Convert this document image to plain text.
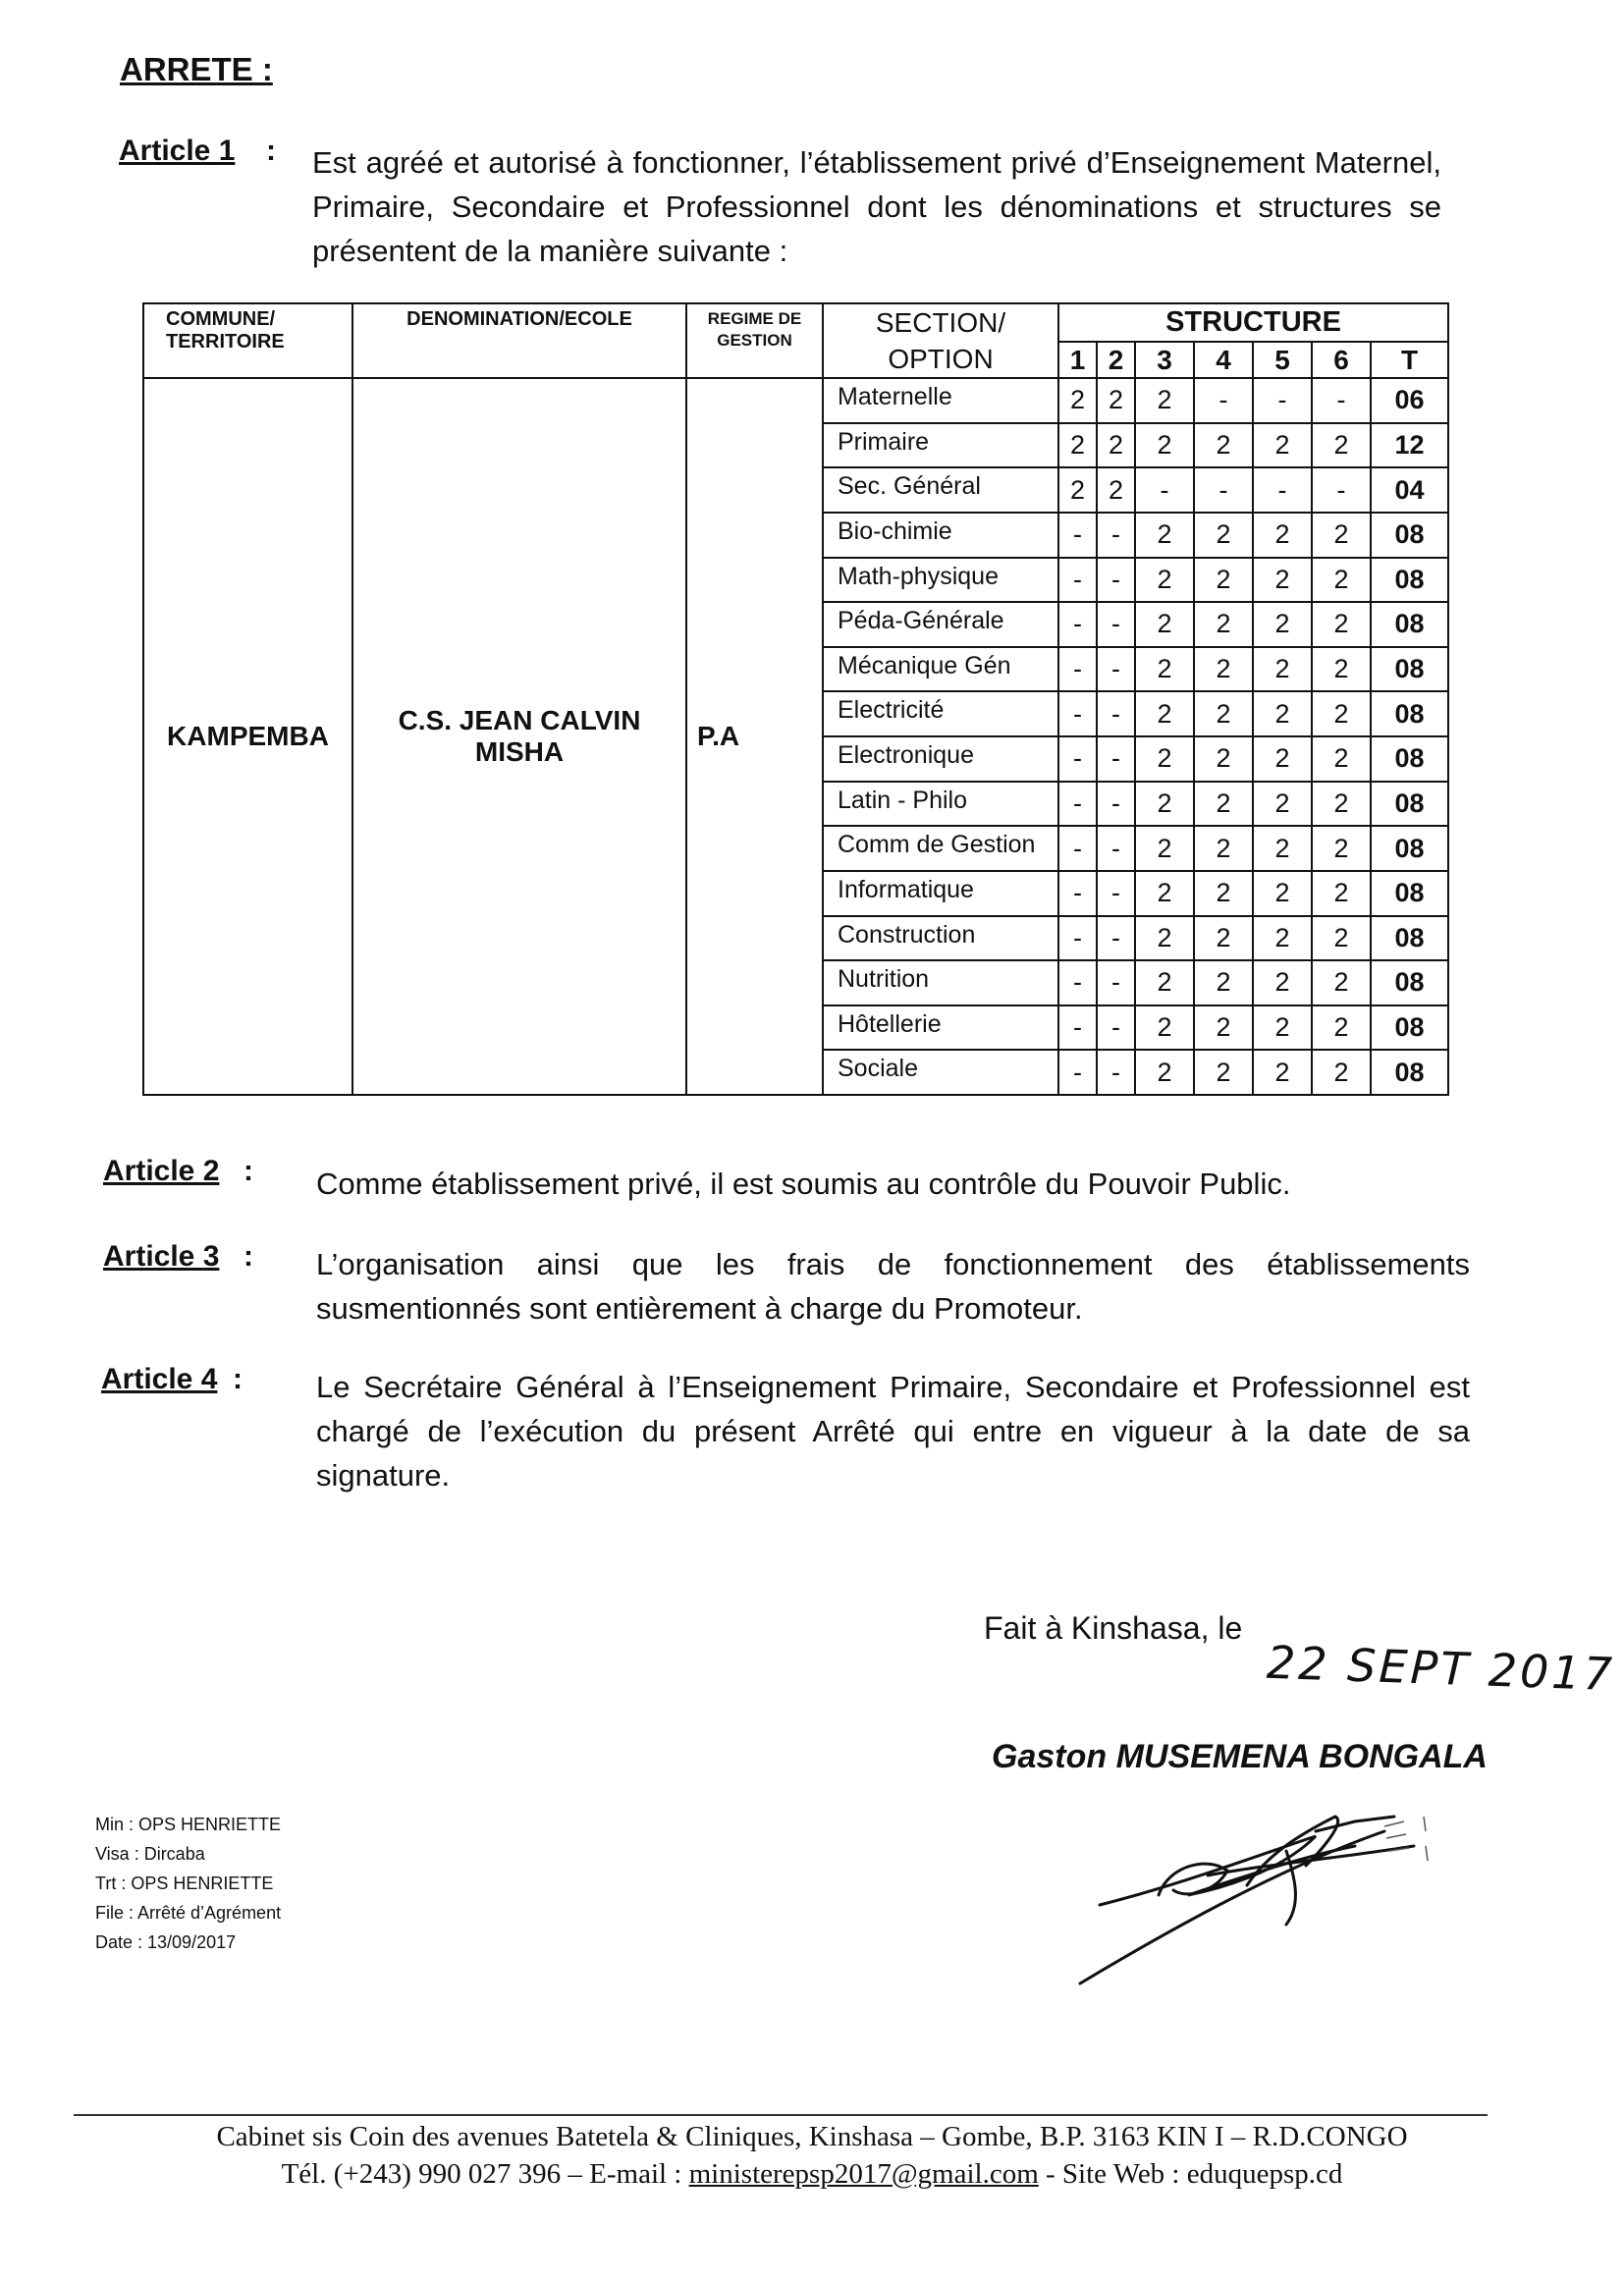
ARRETE :
Article 1 : Est agréé et autorisé à fonctionner, l’établissement privé d’Enseignement Maternel, Primaire, Secondaire et Professionnel dont les dénominations et structures se présentent de la manière suivante :
COMMUNE/ TERRITOIRE	DENOMINATION/ECOLE	REGIME DE GESTION	SECTION/ OPTION	STRUCTURE						
				1	2	3	4	5	6	T
KAMPEMBA	C.S. JEAN CALVIN MISHA	P.A	Maternelle	2	2	2	-	-	-	06
			Primaire	2	2	2	2	2	2	12
			Sec. Général	2	2	-	-	-	-	04
			Bio-chimie	-	-	2	2	2	2	08
			Math-physique	-	-	2	2	2	2	08
			Péda-Générale	-	-	2	2	2	2	08
			Mécanique Gén	-	-	2	2	2	2	08
			Electricité	-	-	2	2	2	2	08
			Electronique	-	-	2	2	2	2	08
			Latin - Philo	-	-	2	2	2	2	08
			Comm de Gestion	-	-	2	2	2	2	08
			Informatique	-	-	2	2	2	2	08
			Construction	-	-	2	2	2	2	08
			Nutrition	-	-	2	2	2	2	08
			Hôtellerie	-	-	2	2	2	2	08
			Sociale	-	-	2	2	2	2	08
Article 2 : Comme établissement privé, il est soumis au contrôle du Pouvoir Public.
Article 3 : L’organisation ainsi que les frais de fonctionnement des établissements susmentionnés sont entièrement à charge du Promoteur.
Article 4 : Le Secrétaire Général à l’Enseignement Primaire, Secondaire et Professionnel est chargé de l’exécution du présent Arrêté qui entre en vigueur à la date de sa signature.
Fait à Kinshasa, le
22 SEPT 2017
Gaston MUSEMENA BONGALA
Min : OPS HENRIETTE
Visa : Dircaba
Trt : OPS HENRIETTE
File : Arrêté d’Agrément
Date : 13/09/2017
Cabinet sis Coin des avenues Batetela & Cliniques, Kinshasa – Gombe, B.P. 3163 KIN I – R.D.CONGO
Tél. (+243) 990 027 396 – E-mail : ministerepsp2017@gmail.com - Site Web : eduquepsp.cd
